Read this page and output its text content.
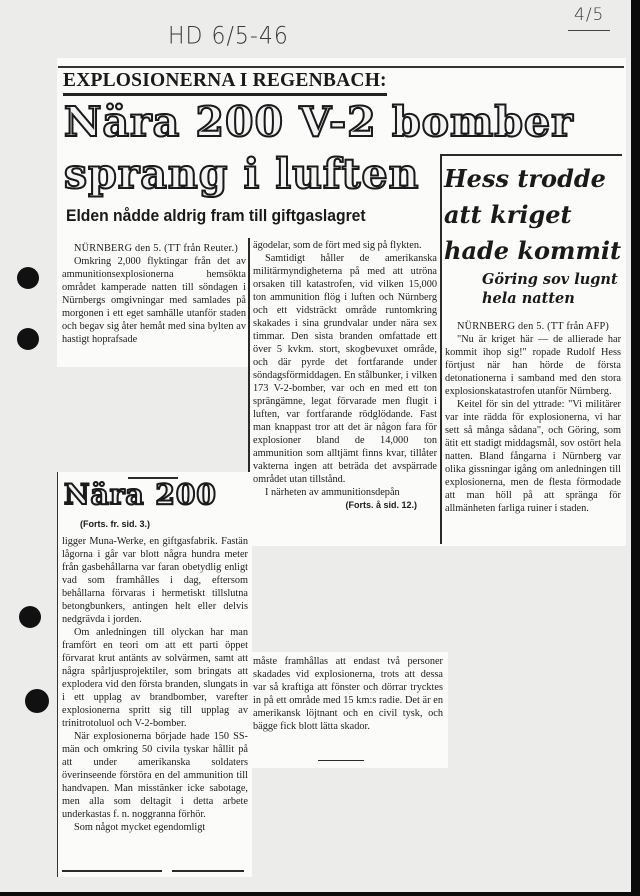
HD 6/5-46
4/5
EXPLOSIONERNA I REGENBACH:
Nära 200 V-2 bomber
sprang i luften
Elden nådde aldrig fram till giftgaslagret
Hess trodde
att kriget
hade kommit
Göring sov lugnt
hela natten

NÜRNBERG den 5. (TT från Reuter.)

Omkring 2,000 flyktingar från det av ammunitionsexplosionerna hemsökta området kamperade natten till söndagen i Nürnbergs omgivningar med samlades på morgonen i ett eget samhälle utanför staden och begav sig åter hemåt med sina bylten av hastigt hoprafsade

ägodelar, som de fört med sig på flykten.

Samtidigt håller de amerikanska militärmyndigheterna på med att utröna orsaken till katastrofen, vid vilken 15,000 ton ammunition flög i luften och Nürnberg och ett vidsträckt område runtomkring skakades i sina grundvalar under nära sex timmar. Den sista branden omfattade ett över 5 kvkm. stort, skogbevuxet område, och där pyrde det fortfarande under söndagsförmiddagen. En stålbunker, i vilken 173 V-2-bomber, var och en med ett ton sprängämne, legat förvarade men flugit i luften, var fortfarande rödglödande. Fast man knappast tror att det är någon fara för explosioner bland de 14,000 ton ammunition som alltjämt finns kvar, tillåter vakterna ingen att beträda det avspärrade området utan tillstånd.

I närheten av ammunitionsdepån

(Forts. å sid. 12.)

NÜRNBERG den 5. (TT från AFP)

"Nu är kriget här — de allierade har kommit ihop sig!" ropade Rudolf Hess förtjust när han hörde de första detonationerna i samband med den stora explosionskatastrofen utanför Nürnberg.

Keitel för sin del yttrade: "Vi militärer var inte rädda för explosionerna, vi har sett så många sådana", och Göring, som ätit ett stadigt middagsmål, sov ostört hela natten. Bland fångarna i Nürnberg var olika gissningar igång om anledningen till explosionerna, men de flesta förmodade att man höll på att spränga för allmänheten farliga ruiner i staden.

Nära 200
(Forts. fr. sid. 3.)

ligger Muna-Werke, en giftgasfabrik. Fastän lågorna i går var blott några hundra meter från gasbehållarna var faran obetydlig enligt vad som framhålles i dag, eftersom behållarna förvaras i hermetiskt tillslutna betongbunkers, antingen helt eller delvis nedgrävda i jorden.

Om anledningen till olyckan har man framfört en teori om att ett parti öppet förvarat krut antänts av solvärmen, samt att några spårljusprojektiler, som bringats att explodera vid den första branden, slungats in i ett upplag av brandbomber, varefter explosionerna spritt sig till upplag av trinitrotoluol och V-2-bomber.

När explosionerna började hade 150 SS-män och omkring 50 civila tyskar hållit på att under amerikanska soldaters överinseende förstöra en del ammunition till handvapen. Man misstänker icke sabotage, men alla som deltagit i detta arbete underkastas f. n. noggranna förhör.

Som något mycket egendomligt

måste framhållas att endast två personer skadades vid explosionerna, trots att dessa var så kraftiga att fönster och dörrar trycktes in på ett område med 15 km:s radie. Det är en amerikansk löjtnant och en civil tysk, och bägge fick blott lätta skador.
